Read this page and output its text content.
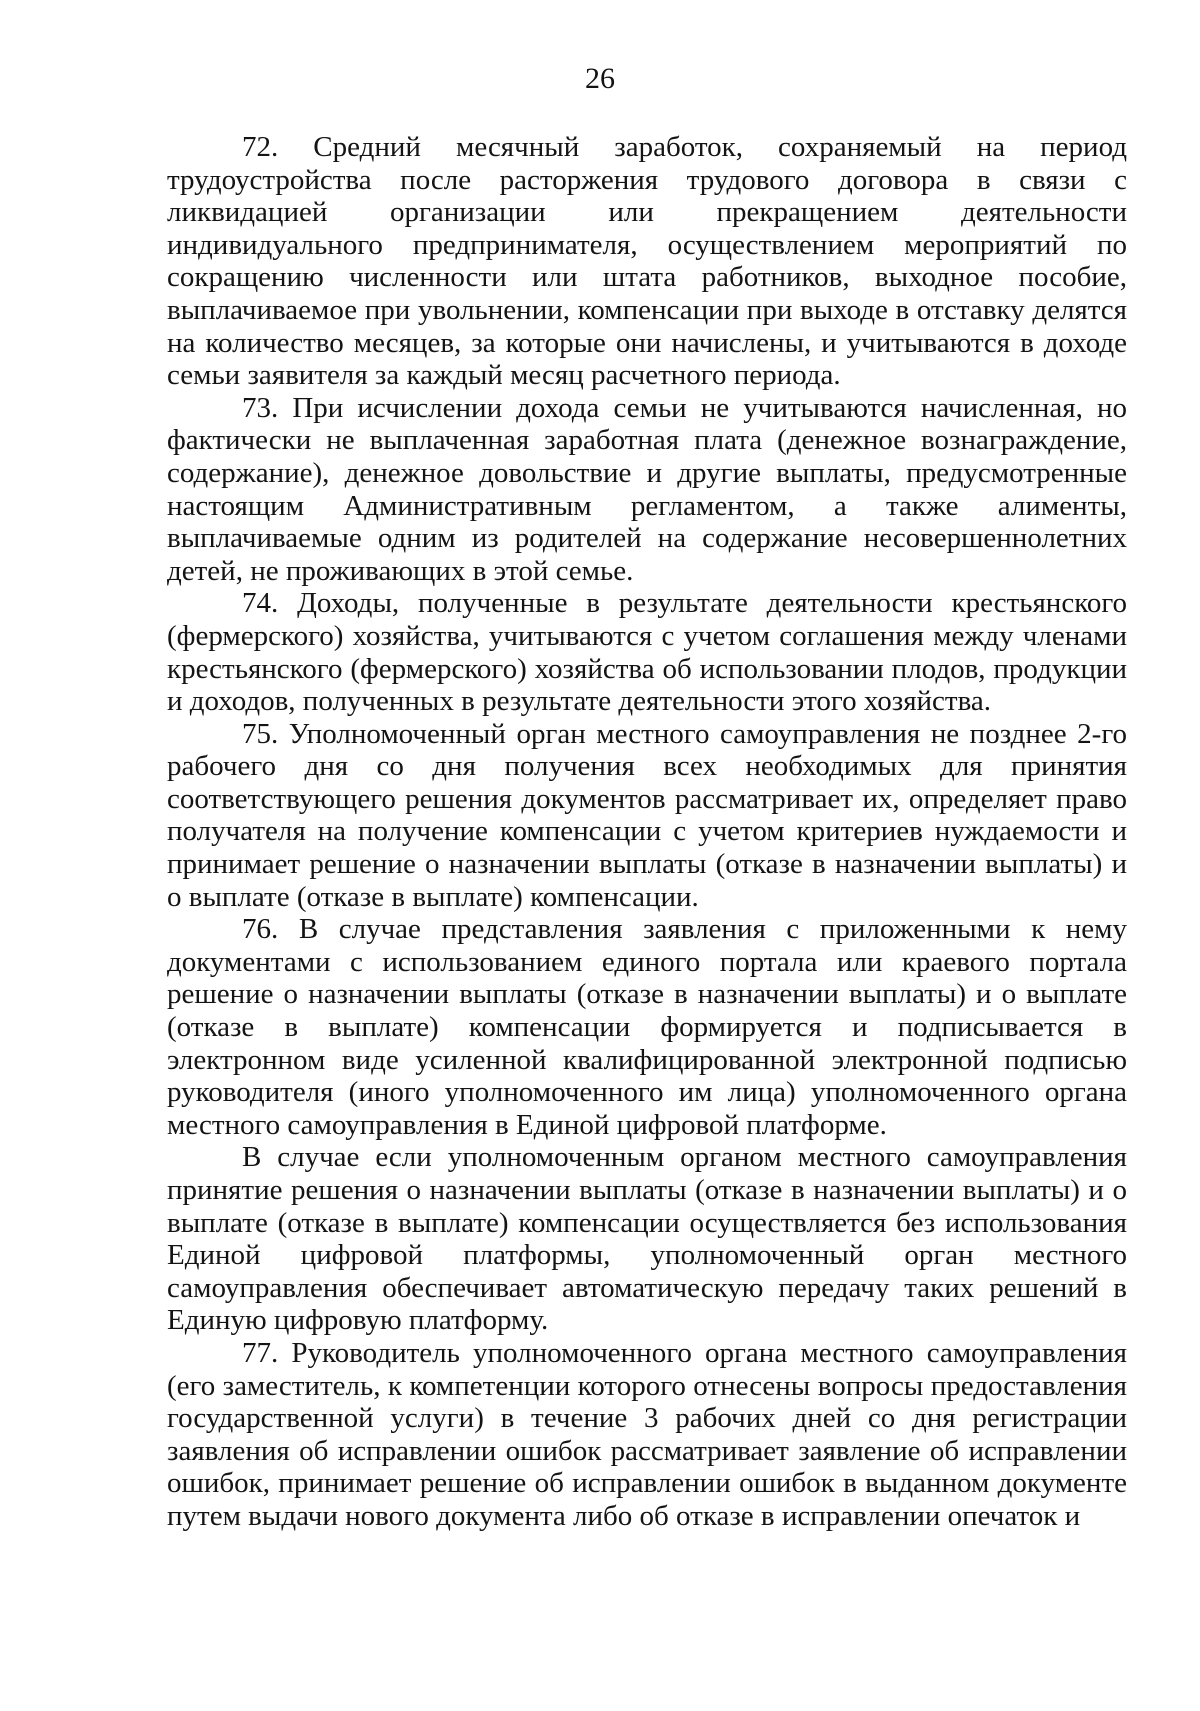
26

72. Средний месячный заработок, сохраняемый на период трудоустройства после расторжения трудового договора в связи с ликвидацией организации или прекращением деятельности индивидуального предпринимателя, осуществлением мероприятий по сокращению численности или штата работников, выходное пособие, выплачиваемое при увольнении, компенсации при выходе в отставку делятся на количество месяцев, за которые они начислены, и учитываются в доходе семьи заявителя за каждый месяц расчетного периода.

73. При исчислении дохода семьи не учитываются начисленная, но фактически не выплаченная заработная плата (денежное вознаграждение, содержание), денежное довольствие и другие выплаты, предусмотренные настоящим Административным регламентом, а также алименты, выплачиваемые одним из родителей на содержание несовершеннолетних детей, не проживающих в этой семье.

74. Доходы, полученные в результате деятельности крестьянского (фермерского) хозяйства, учитываются с учетом соглашения между членами крестьянского (фермерского) хозяйства об использовании плодов, продукции и доходов, полученных в результате деятельности этого хозяйства.

75. Уполномоченный орган местного самоуправления не позднее 2-го рабочего дня со дня получения всех необходимых для принятия соответствующего решения документов рассматривает их, определяет право получателя на получение компенсации с учетом критериев нуждаемости и принимает решение о назначении выплаты (отказе в назначении выплаты) и о выплате (отказе в выплате) компенсации.

76. В случае представления заявления с приложенными к нему документами с использованием единого портала или краевого портала решение о назначении выплаты (отказе в назначении выплаты) и о выплате (отказе в выплате) компенсации формируется и подписывается в электронном виде усиленной квалифицированной электронной подписью руководителя (иного уполномоченного им лица) уполномоченного органа местного самоуправления в Единой цифровой платформе.

В случае если уполномоченным органом местного самоуправления принятие решения о назначении выплаты (отказе в назначении выплаты) и о выплате (отказе в выплате) компенсации осуществляется без использования Единой цифровой платформы, уполномоченный орган местного самоуправления обеспечивает автоматическую передачу таких решений в Единую цифровую платформу.

77. Руководитель уполномоченного органа местного самоуправления (его заместитель, к компетенции которого отнесены вопросы предоставления государственной услуги) в течение 3 рабочих дней со дня регистрации заявления об исправлении ошибок рассматривает заявление об исправлении ошибок, принимает решение об исправлении ошибок в выданном документе путем выдачи нового документа либо об отказе в исправлении опечаток и
